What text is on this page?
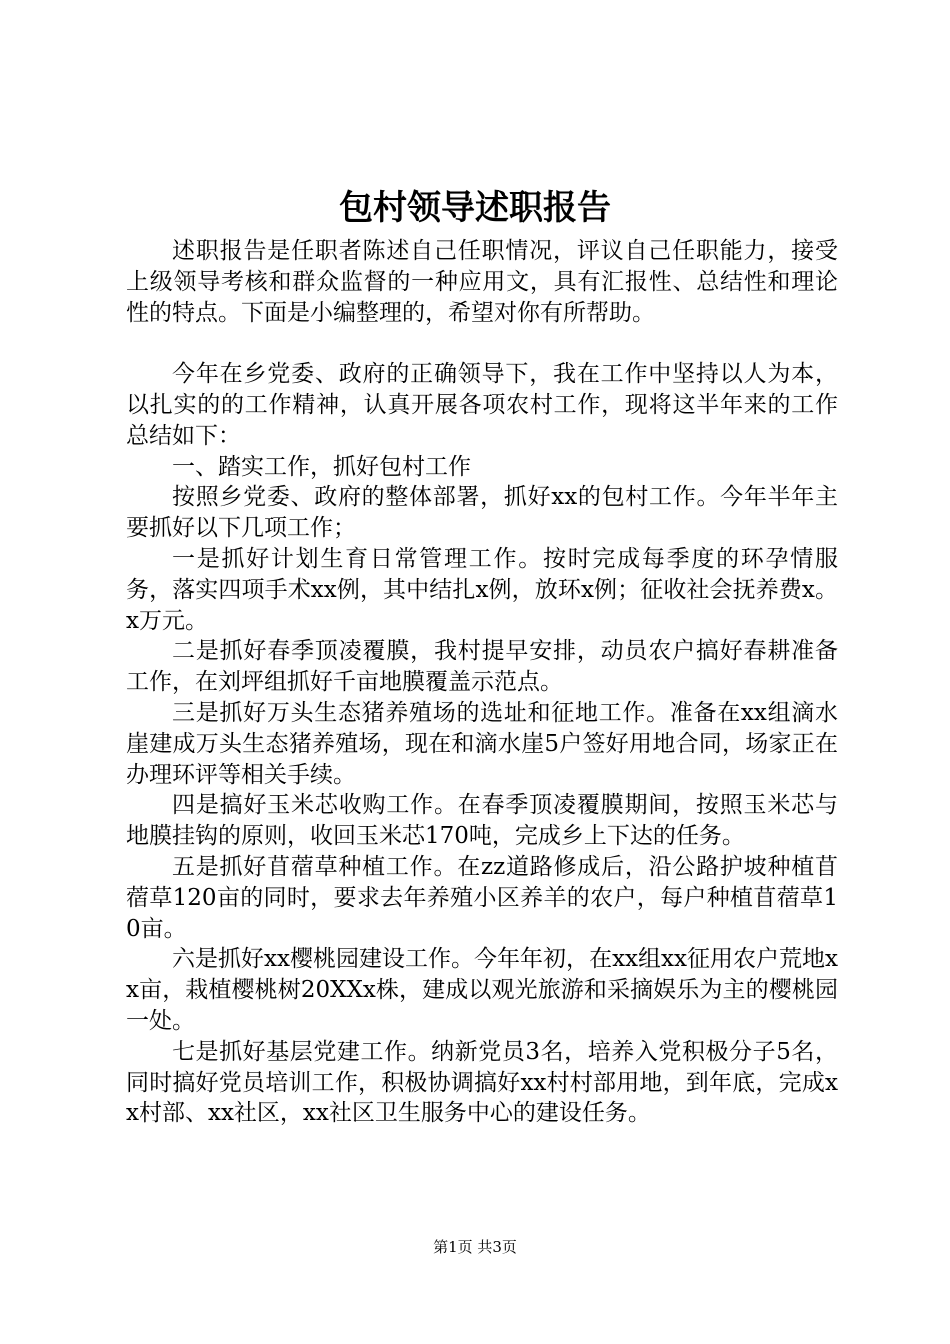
包村领导述职报告

述职报告是任职者陈述自己任职情况，评议自己任职能力，接受上级领导考核和群众监督的一种应用文，具有汇报性、总结性和理论性的特点。下面是小编整理的，希望对你有所帮助。

今年在乡党委、政府的正确领导下，我在工作中坚持以人为本，以扎实的的工作精神，认真开展各项农村工作，现将这半年来的工作总结如下：

一、踏实工作，抓好包村工作

按照乡党委、政府的整体部署，抓好xx的包村工作。今年半年主要抓好以下几项工作；

一是抓好计划生育日常管理工作。按时完成每季度的环孕情服务，落实四项手术xx例，其中结扎x例，放环x例；征收社会抚养费x。x万元。

二是抓好春季顶凌覆膜，我村提早安排，动员农户搞好春耕准备工作，在刘坪组抓好千亩地膜覆盖示范点。

三是抓好万头生态猪养殖场的选址和征地工作。准备在xx组滴水崖建成万头生态猪养殖场，现在和滴水崖5户签好用地合同，场家正在办理环评等相关手续。

四是搞好玉米芯收购工作。在春季顶凌覆膜期间，按照玉米芯与地膜挂钩的原则，收回玉米芯170吨，完成乡上下达的任务。

五是抓好苜蓿草种植工作。在zz道路修成后，沿公路护坡种植苜蓿草120亩的同时，要求去年养殖小区养羊的农户，每户种植苜蓿草10亩。

六是抓好xx樱桃园建设工作。今年年初，在xx组xx征用农户荒地xx亩，栽植樱桃树20XXx株，建成以观光旅游和采摘娱乐为主的樱桃园一处。

七是抓好基层党建工作。纳新党员3名，培养入党积极分子5名，同时搞好党员培训工作，积极协调搞好xx村村部用地，到年底，完成xx村部、xx社区，xx社区卫生服务中心的建设任务。

第1页 共3页
